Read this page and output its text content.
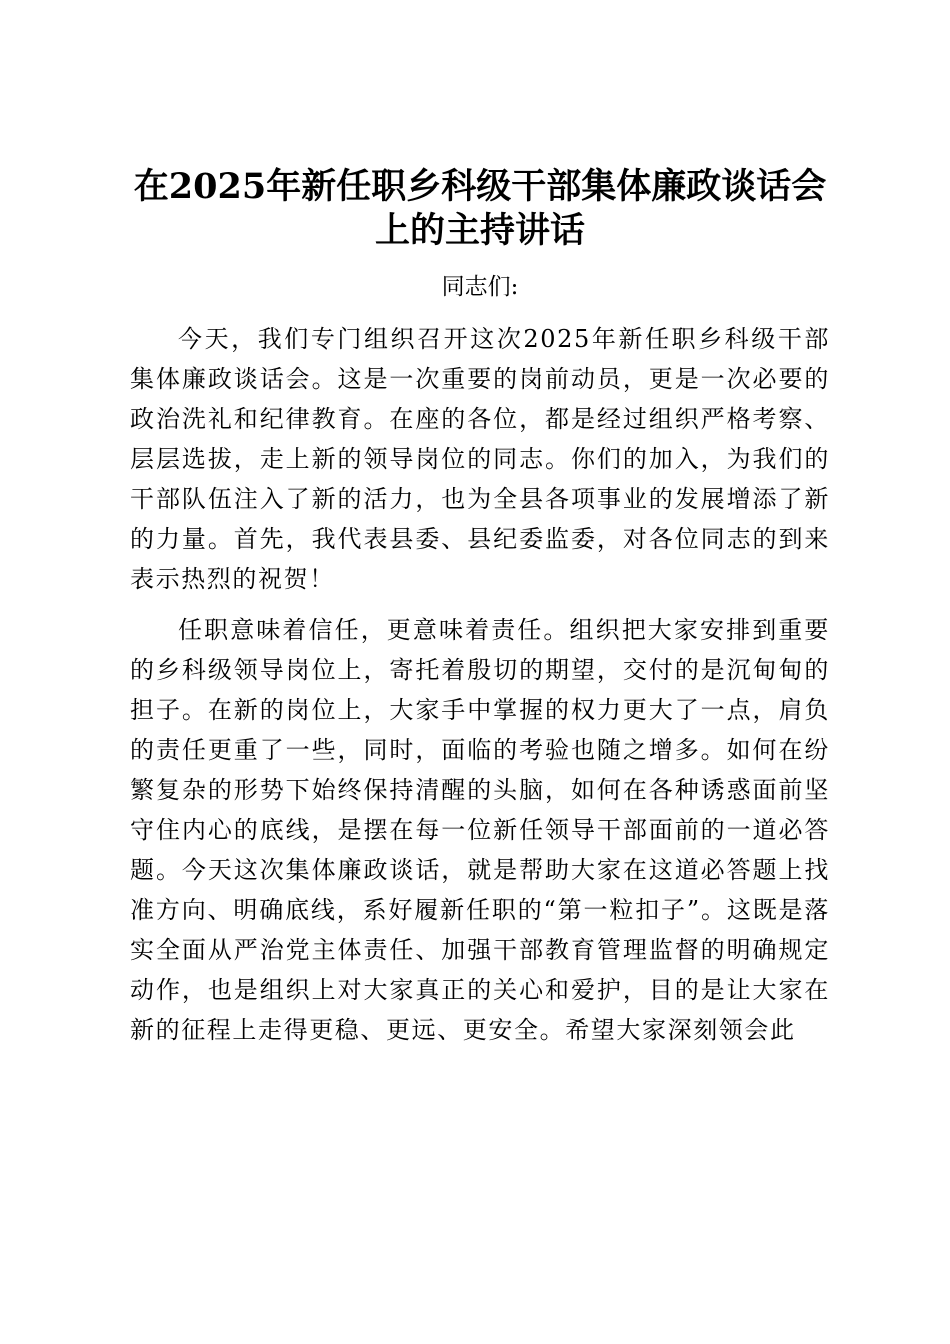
在2025年新任职乡科级干部集体廉政谈话会上的主持讲话

同志们:

今天，我们专门组织召开这次2025年新任职乡科级干部集体廉政谈话会。这是一次重要的岗前动员，更是一次必要的政治洗礼和纪律教育。在座的各位，都是经过组织严格考察、层层选拔，走上新的领导岗位的同志。你们的加入，为我们的干部队伍注入了新的活力，也为全县各项事业的发展增添了新的力量。首先，我代表县委、县纪委监委，对各位同志的到来表示热烈的祝贺！

任职意味着信任，更意味着责任。组织把大家安排到重要的乡科级领导岗位上，寄托着殷切的期望，交付的是沉甸甸的担子。在新的岗位上，大家手中掌握的权力更大了一点，肩负的责任更重了一些，同时，面临的考验也随之增多。如何在纷繁复杂的形势下始终保持清醒的头脑，如何在各种诱惑面前坚守住内心的底线，是摆在每一位新任领导干部面前的一道必答题。今天这次集体廉政谈话，就是帮助大家在这道必答题上找准方向、明确底线，系好履新任职的“第一粒扣子”。这既是落实全面从严治党主体责任、加强干部教育管理监督的明确规定动作，也是组织上对大家真正的关心和爱护，目的是让大家在新的征程上走得更稳、更远、更安全。希望大家深刻领会此
